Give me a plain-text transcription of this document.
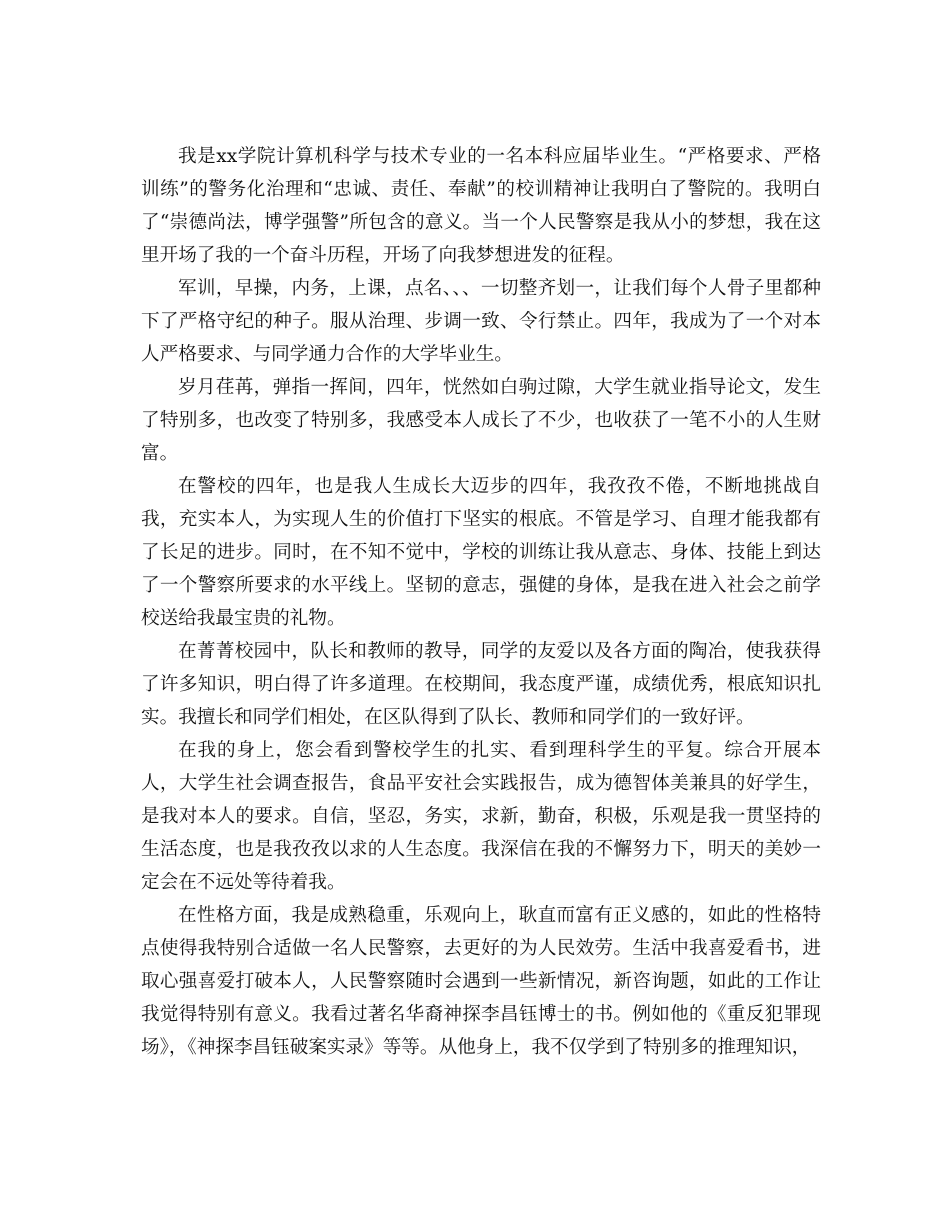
我是xx学院计算机科学与技术专业的一名本科应届毕业生。“严格要求、严格训练”的警务化治理和“忠诚、责任、奉献”的校训精神让我明白了警院的。我明白了“崇德尚法，博学强警”所包含的意义。当一个人民警察是我从小的梦想，我在这里开场了我的一个奋斗历程，开场了向我梦想进发的征程。

军训，早操，内务，上课，点名、、、一切整齐划一，让我们每个人骨子里都种下了严格守纪的种子。服从治理、步调一致、令行禁止。四年，我成为了一个对本人严格要求、与同学通力合作的大学毕业生。

岁月荏苒，弹指一挥间，四年，恍然如白驹过隙，大学生就业指导论文，发生了特别多，也改变了特别多，我感受本人成长了不少，也收获了一笔不小的人生财富。

在警校的四年，也是我人生成长大迈步的四年，我孜孜不倦，不断地挑战自我，充实本人，为实现人生的价值打下坚实的根底。不管是学习、自理才能我都有了长足的进步。同时，在不知不觉中，学校的训练让我从意志、身体、技能上到达了一个警察所要求的水平线上。坚韧的意志，强健的身体，是我在进入社会之前学校送给我最宝贵的礼物。

在菁菁校园中，队长和教师的教导，同学的友爱以及各方面的陶冶，使我获得了许多知识，明白得了许多道理。在校期间，我态度严谨，成绩优秀，根底知识扎实。我擅长和同学们相处，在区队得到了队长、教师和同学们的一致好评。

在我的身上，您会看到警校学生的扎实、看到理科学生的平复。综合开展本人，大学生社会调查报告，食品平安社会实践报告，成为德智体美兼具的好学生，是我对本人的要求。自信，坚忍，务实，求新，勤奋，积极，乐观是我一贯坚持的生活态度，也是我孜孜以求的人生态度。我深信在我的不懈努力下，明天的美妙一定会在不远处等待着我。

在性格方面，我是成熟稳重，乐观向上，耿直而富有正义感的，如此的性格特点使得我特别合适做一名人民警察，去更好的为人民效劳。生活中我喜爱看书，进取心强喜爱打破本人，人民警察随时会遇到一些新情况，新咨询题，如此的工作让我觉得特别有意义。我看过著名华裔神探李昌钰博士的书。例如他的《重反犯罪现场》，《神探李昌钰破案实录》等等。从他身上，我不仅学到了特别多的推理知识，
